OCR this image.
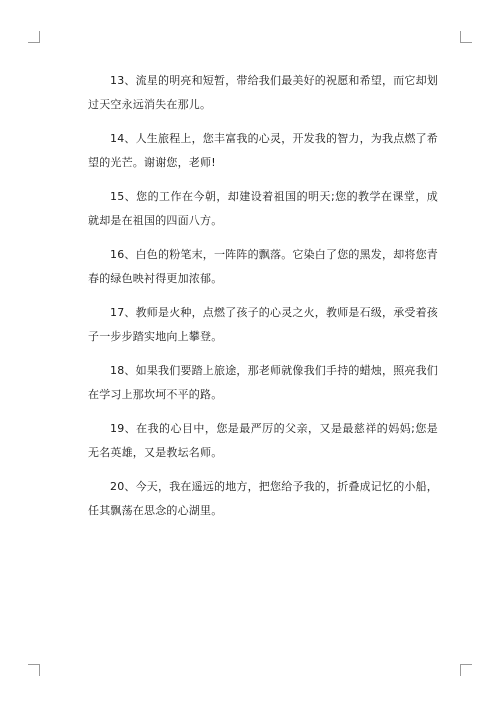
13、流星的明亮和短暂，带给我们最美好的祝愿和希望，而它却划过天空永远消失在那儿。

14、人生旅程上，您丰富我的心灵，开发我的智力，为我点燃了希望的光芒。谢谢您，老师!

15、您的工作在今朝，却建设着祖国的明天;您的教学在课堂，成就却是在祖国的四面八方。

16、白色的粉笔末，一阵阵的飘落。它染白了您的黑发，却将您青春的绿色映衬得更加浓郁。

17、教师是火种，点燃了孩子的心灵之火，教师是石级，承受着孩子一步步踏实地向上攀登。

18、如果我们要踏上旅途，那老师就像我们手持的蜡烛，照亮我们在学习上那坎坷不平的路。

19、在我的心目中，您是最严厉的父亲，又是最慈祥的妈妈;您是无名英雄，又是教坛名师。

20、今天，我在遥远的地方，把您给予我的，折叠成记忆的小船，任其飘荡在思念的心湖里。
